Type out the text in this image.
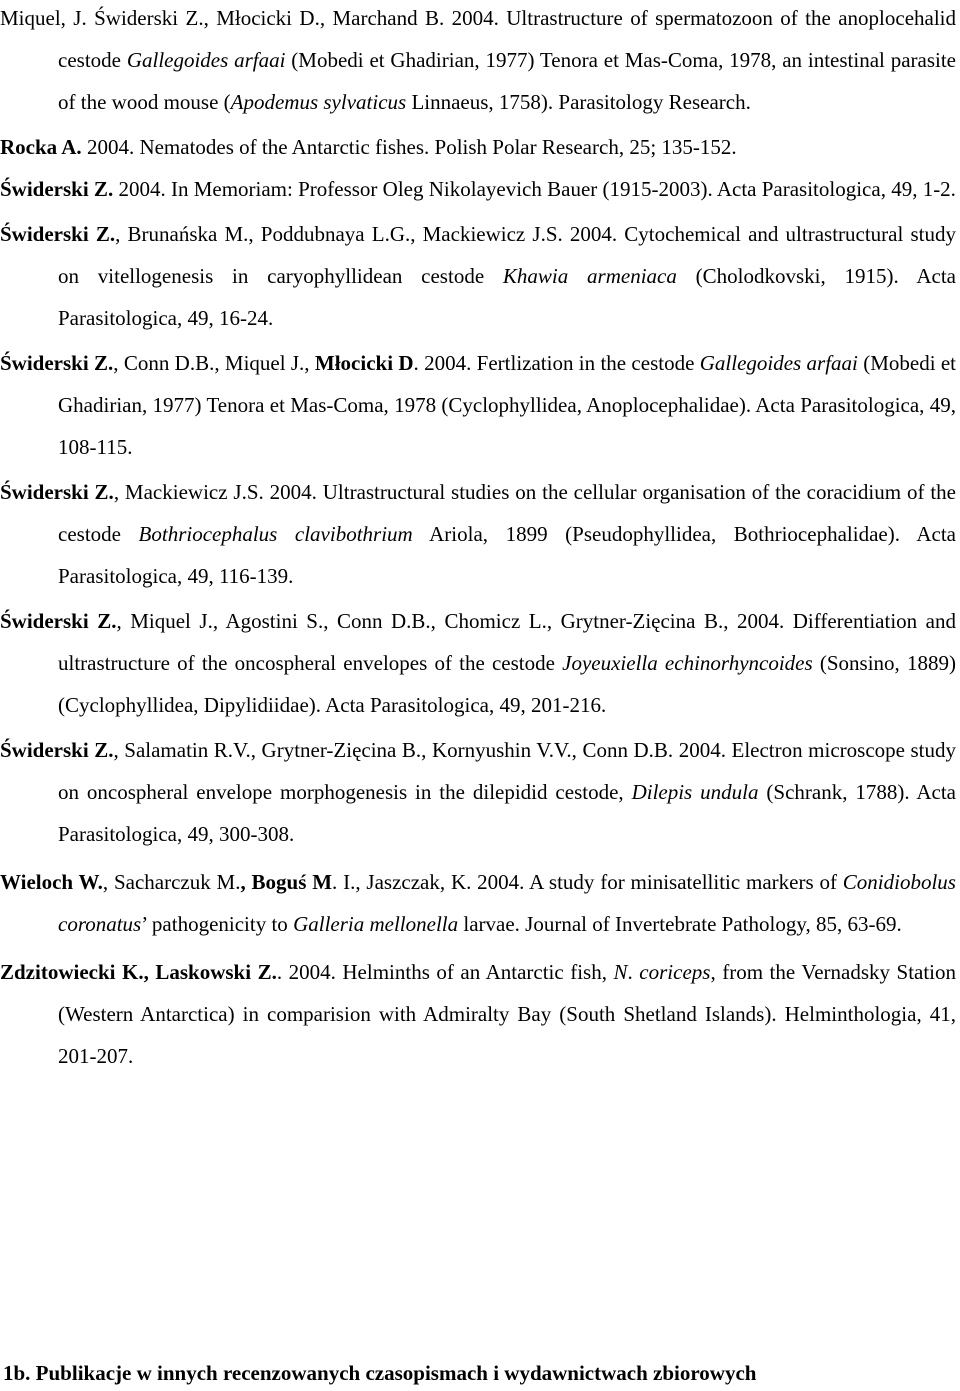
Miquel, J. Świderski Z., Młocicki D., Marchand B. 2004. Ultrastructure of spermatozoon of the anoplocehalid cestode Gallegoides arfaai (Mobedi et Ghadirian, 1977) Tenora et Mas-Coma, 1978, an intestinal parasite of the wood mouse (Apodemus sylvaticus Linnaeus, 1758). Parasitology Research.

Rocka A. 2004. Nematodes of the Antarctic fishes. Polish Polar Research, 25; 135-152.

Świderski Z. 2004. In Memoriam: Professor Oleg Nikolayevich Bauer (1915-2003). Acta Parasitologica, 49, 1-2.

Świderski Z., Brunańska M., Poddubnaya L.G., Mackiewicz J.S. 2004. Cytochemical and ultrastructural study on vitellogenesis in caryophyllidean cestode Khawia armeniaca (Cholodkovski, 1915). Acta Parasitologica, 49, 16-24.

Świderski Z., Conn D.B., Miquel J., Młocicki D. 2004. Fertlization in the cestode Gallegoides arfaai (Mobedi et Ghadirian, 1977) Tenora et Mas-Coma, 1978 (Cyclophyllidea, Anoplocephalidae). Acta Parasitologica, 49, 108-115.

Świderski Z., Mackiewicz J.S. 2004. Ultrastructural studies on the cellular organisation of the coracidium of the cestode Bothriocephalus clavibothrium Ariola, 1899 (Pseudophyllidea, Bothriocephalidae). Acta Parasitologica, 49, 116-139.

Świderski Z., Miquel J., Agostini S., Conn D.B., Chomicz L., Grytner-Zięcina B., 2004. Differentiation and ultrastructure of the oncospheral envelopes of the cestode Joyeuxiella echinorhyncoides (Sonsino, 1889) (Cyclophyllidea, Dipylidiidae). Acta Parasitologica, 49, 201-216.

Świderski Z., Salamatin R.V., Grytner-Zięcina B., Kornyushin V.V., Conn D.B. 2004. Electron microscope study on oncospheral envelope morphogenesis in the dilepidid cestode, Dilepis undula (Schrank, 1788). Acta Parasitologica, 49, 300-308.

Wieloch W., Sacharczuk M., Boguś M. I., Jaszczak, K. 2004. A study for minisatellitic markers of Conidiobolus coronatus’ pathogenicity to Galleria mellonella larvae. Journal of Invertebrate Pathology, 85, 63-69.

Zdzitowiecki K., Laskowski Z.. 2004. Helminths of an Antarctic fish, N. coriceps, from the Vernadsky Station (Western Antarctica) in comparision with Admiralty Bay (South Shetland Islands). Helminthologia, 41, 201-207.

1b. Publikacje w innych recenzowanych czasopismach i wydawnictwach zbiorowych
